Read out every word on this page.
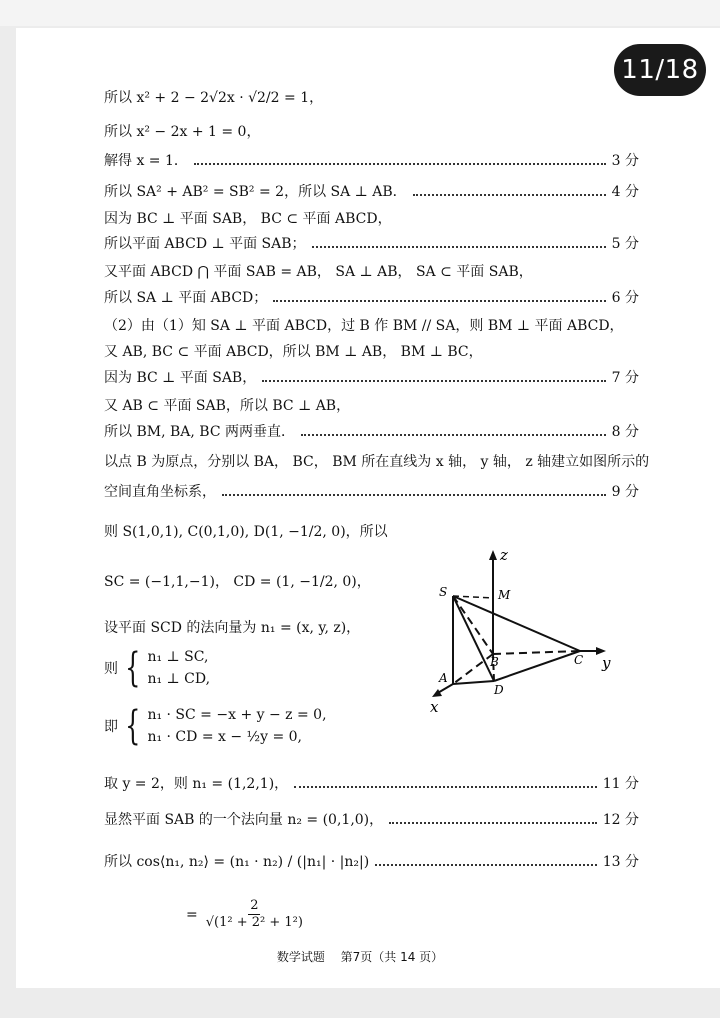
11/18
所以 x² + 2 − 2√2x · √2/2 = 1，
所以 x² − 2x + 1 = 0，
解得 x = 1．	3 分
所以 SA² + AB² = SB² = 2，所以 SA ⊥ AB．	4 分
因为 BC ⊥ 平面 SAB， BC ⊂ 平面 ABCD，
所以平面 ABCD ⊥ 平面 SAB；	5 分
又平面 ABCD ⋂ 平面 SAB = AB， SA ⊥ AB， SA ⊂ 平面 SAB，
所以 SA ⊥ 平面 ABCD；	6 分
（2）由（1）知 SA ⊥ 平面 ABCD，过 B 作 BM // SA，则 BM ⊥ 平面 ABCD，
又 AB, BC ⊂ 平面 ABCD，所以 BM ⊥ AB， BM ⊥ BC，
因为 BC ⊥ 平面 SAB，	7 分
又 AB ⊂ 平面 SAB，所以 BC ⊥ AB，
所以 BM, BA, BC 两两垂直．	8 分
以点 B 为原点，分别以 BA， BC， BM 所在直线为 x 轴， y 轴， z 轴建立如图所示的
空间直角坐标系，	9 分
则 S(1,0,1), C(0,1,0), D(1, −1/2, 0)，所以
SC = (−1,1,−1)， CD = (1, −1/2, 0)，
设平面 SCD 的法向量为 n₁ = (x, y, z)，
则 { n₁ ⊥ SC,
n₁ ⊥ CD,
即 { n₁ · SC = −x + y − z = 0,
n₁ · CD = x − ½y = 0,
取 y = 2，则 n₁ = (1,2,1)，	11 分
显然平面 SAB 的一个法向量 n₂ = (0,1,0)，	12 分
所以 cos⟨n₁, n₂⟩ = (n₁ · n₂) / (|n₁| · |n₂|)	13 分
= $\frac{2}{\text{√(1² + 2² + 1²)}}$
z
y
x
S	M
B	C
A
D
数学试题　 第7页（共 14 页）
